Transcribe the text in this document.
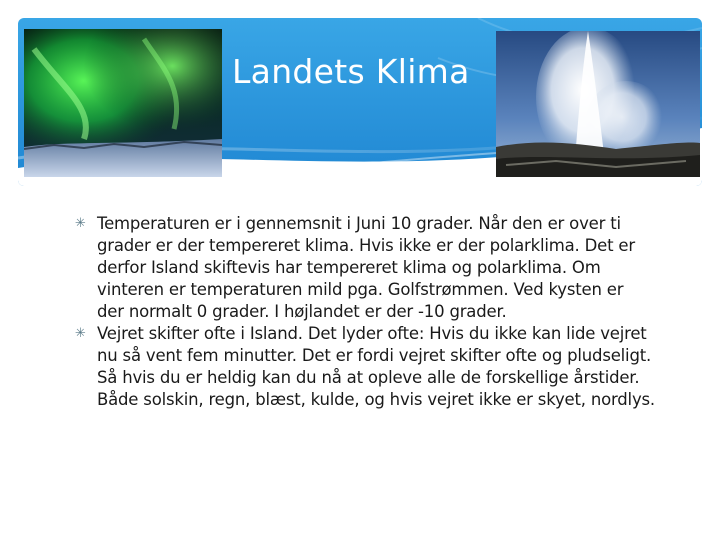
Landets Klima
✳ Temperaturen er i gennemsnit i Juni 10 grader. Når den er over ti grader er der tempereret klima. Hvis ikke er der polarklima. Det er derfor Island skiftevis har tempereret klima og polarklima. Om vinteren er temperaturen mild pga. Golfstrømmen. Ved kysten er der normalt 0 grader. I højlandet er der -10 grader.
✳ Vejret skifter ofte i Island. Det lyder ofte: Hvis du ikke kan lide vejret nu så vent fem minutter. Det er fordi vejret skifter ofte og pludseligt. Så hvis du er heldig kan du nå at opleve alle de forskellige årstider. Både solskin, regn, blæst, kulde, og hvis vejret ikke er skyet, nordlys.
